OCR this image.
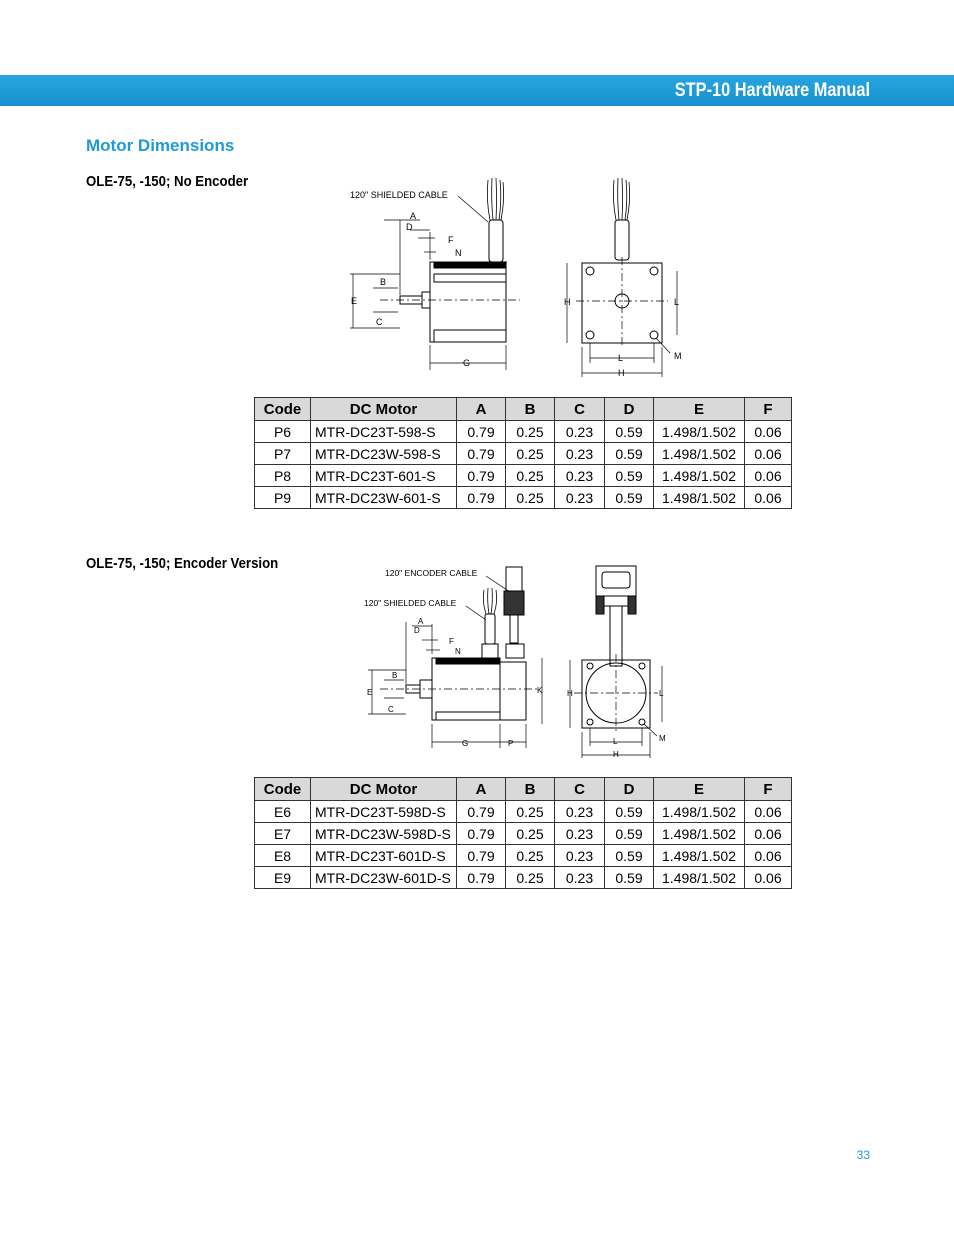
STP-10 Hardware Manual
Motor Dimensions
OLE-75, -150; No Encoder
120" SHIELDED CABLE
A
D
F
N
B
E
C
G
H	L
L
H
M
Code	DC Motor	A	B	C	D	E	F
P6	MTR-DC23T-598-S	0.79	0.25	0.23	0.59	1.498/1.502	0.06
P7	MTR-DC23W-598-S	0.79	0.25	0.23	0.59	1.498/1.502	0.06
P8	MTR-DC23T-601-S	0.79	0.25	0.23	0.59	1.498/1.502	0.06
P9	MTR-DC23W-601-S	0.79	0.25	0.23	0.59	1.498/1.502	0.06
OLE-75, -150; Encoder Version
120" ENCODER CABLE
120" SHIELDED CABLE
A
D
F
N
B
E
C
K
G	P
H	L
L
H
M
Code	DC Motor	A	B	C	D	E	F
E6	MTR-DC23T-598D-S	0.79	0.25	0.23	0.59	1.498/1.502	0.06
E7	MTR-DC23W-598D-S	0.79	0.25	0.23	0.59	1.498/1.502	0.06
E8	MTR-DC23T-601D-S	0.79	0.25	0.23	0.59	1.498/1.502	0.06
E9	MTR-DC23W-601D-S	0.79	0.25	0.23	0.59	1.498/1.502	0.06
33
